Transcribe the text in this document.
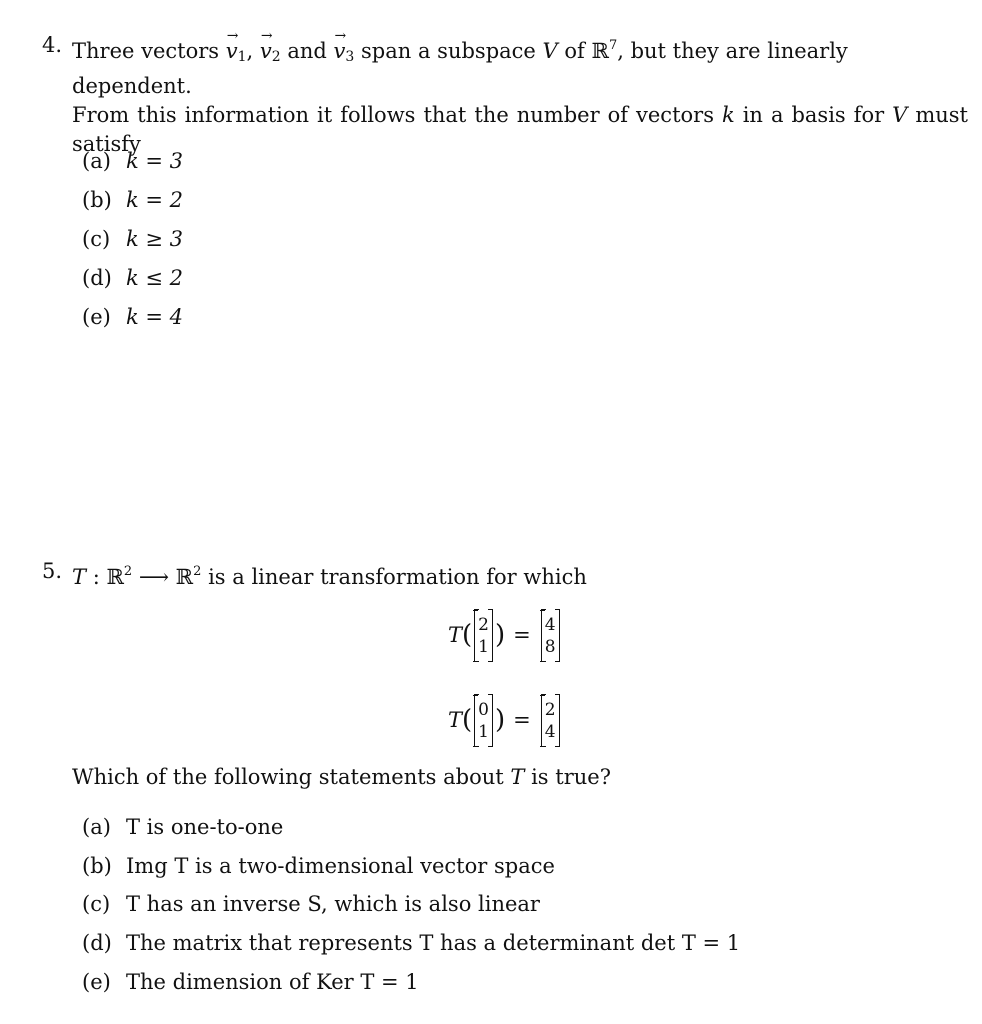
4. Three vectors
→
$v_1$,
→
$v_2$ and
→
$v_3$ span a subspace V of ℝ$^7$, but they are linearly dependent.
From this information it follows that the number of vectors k in a basis for V must
satisfy
(a) k = 3
(b) k = 2
(c) k ≥ 3
(d) k ≤ 2
(e) k = 4
5. T : ℝ$^2$ ⟶ ℝ$^2$ is a linear transformation for which
T ( 2
1 ) = 4
8
T ( 0
1 ) = 2
4
Which of the following statements about T is true?
(a) T is one-to-one
(b) Img T is a two-dimensional vector space
(c) T has an inverse S, which is also linear
(d) The matrix that represents T has a determinant det T = 1
(e) The dimension of Ker T = 1
